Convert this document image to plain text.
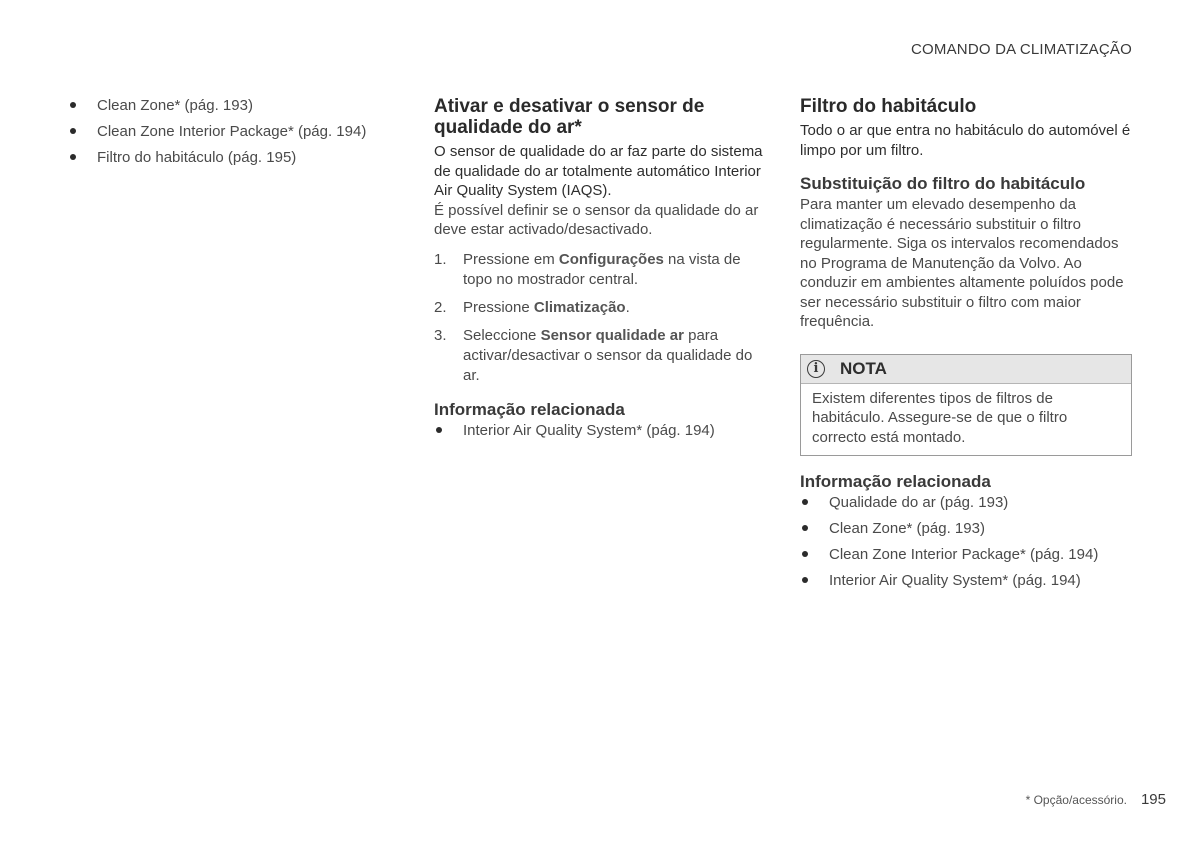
COMANDO DA CLIMATIZAÇÃO
Clean Zone* (pág. 193)
Clean Zone Interior Package* (pág. 194)
Filtro do habitáculo (pág. 195)
Ativar e desativar o sensor de qualidade do ar*

O sensor de qualidade do ar faz parte do sistema de qualidade do ar totalmente automático Interior Air Quality System (IAQS).

É possível definir se o sensor da qualidade do ar deve estar activado/desactivado.

1. Pressione em Configurações na vista de topo no mostrador central.
2. Pressione Climatização.
3. Seleccione Sensor qualidade ar para activar/desactivar o sensor da qualidade do ar.
Informação relacionada
Interior Air Quality System* (pág. 194)
Filtro do habitáculo

Todo o ar que entra no habitáculo do automóvel é limpo por um filtro.

Substituição do filtro do habitáculo

Para manter um elevado desempenho da climatização é necessário substituir o filtro regularmente. Siga os intervalos recomendados no Programa de Manutenção da Volvo. Ao conduzir em ambientes altamente poluídos pode ser necessário substituir o filtro com maior frequência.

i	NOTA
Existem diferentes tipos de filtros de habitáculo. Assegure-se de que o filtro correcto está montado.
Informação relacionada
Qualidade do ar (pág. 193)
Clean Zone* (pág. 193)
Clean Zone Interior Package* (pág. 194)
Interior Air Quality System* (pág. 194)
* Opção/acessório. 195
